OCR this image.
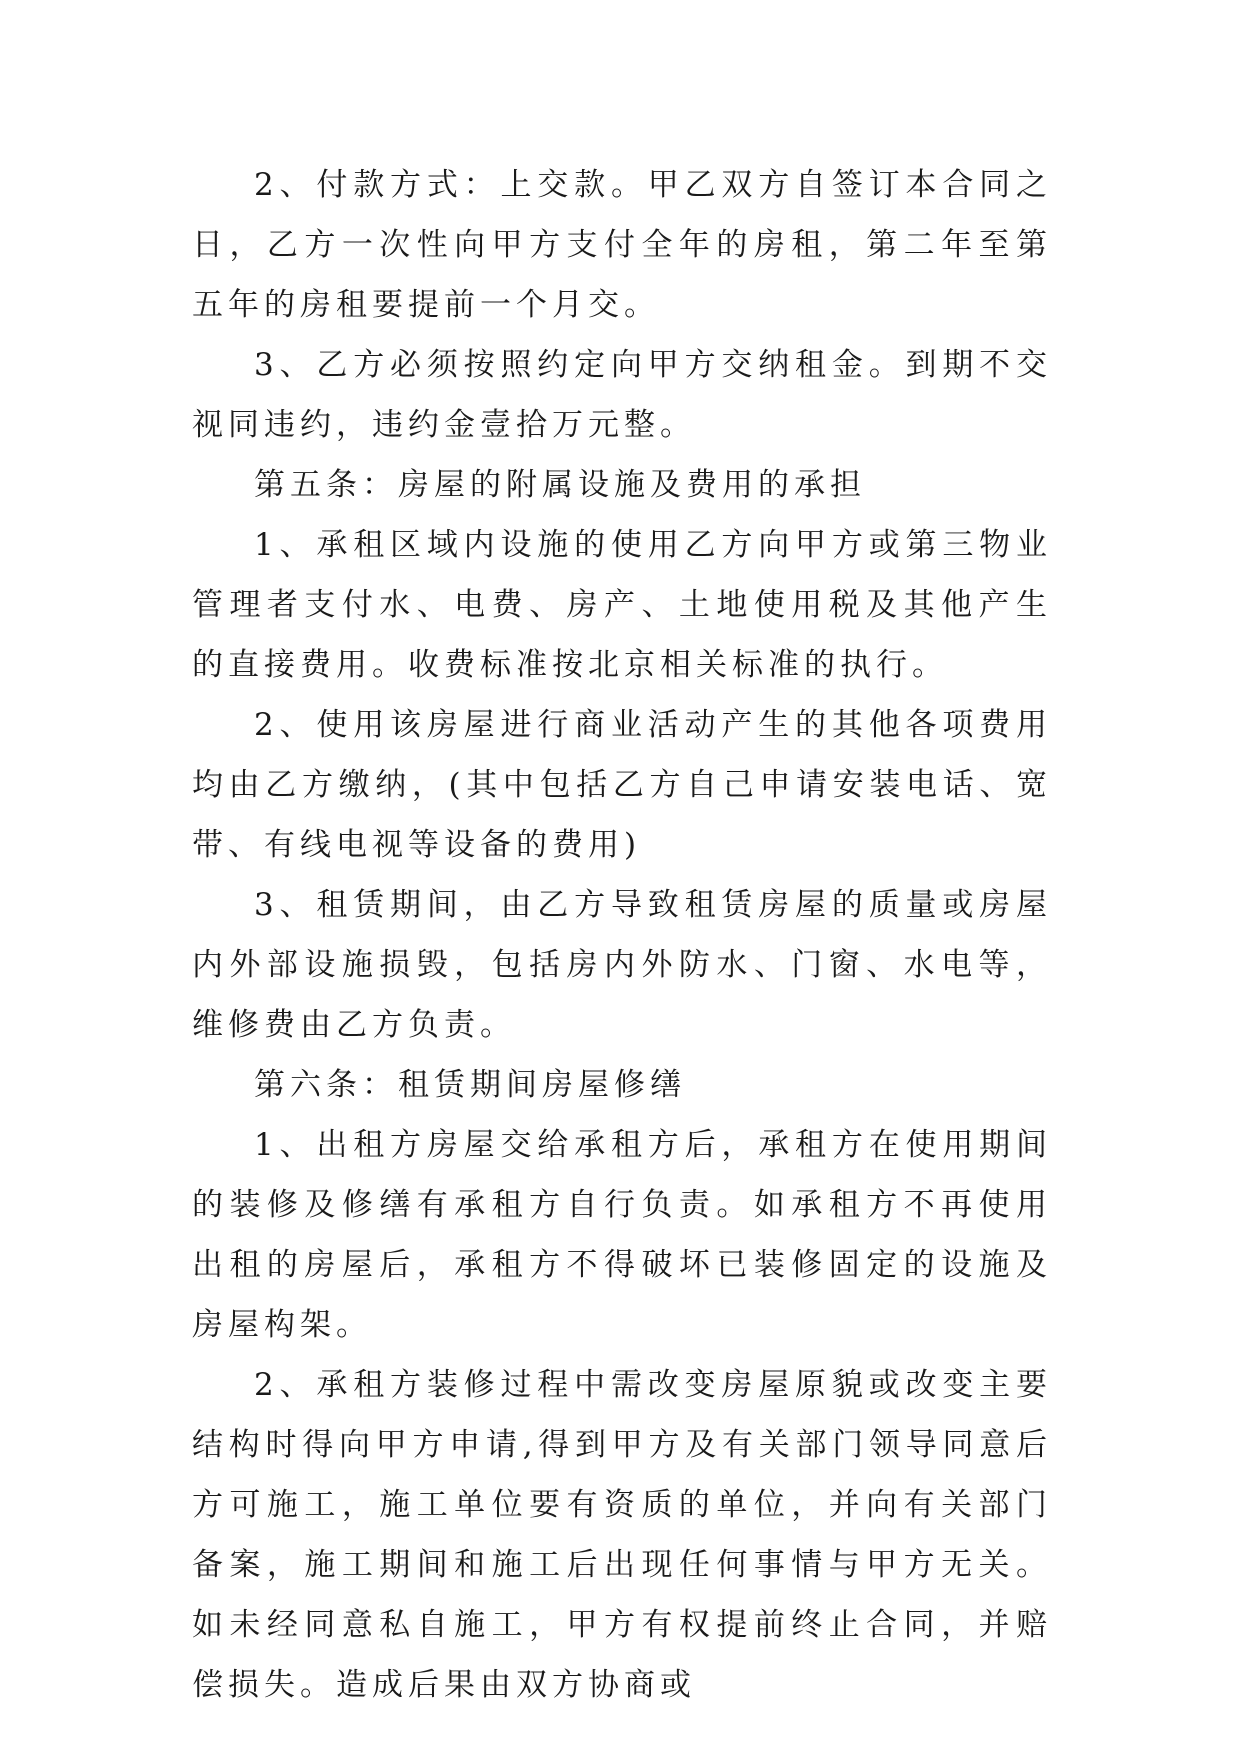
2、付款方式：上交款。甲乙双方自签订本合同之日，乙方一次性向甲方支付全年的房租，第二年至第五年的房租要提前一个月交。

3、乙方必须按照约定向甲方交纳租金。到期不交视同违约，违约金壹拾万元整。

第五条：房屋的附属设施及费用的承担

1、承租区域内设施的使用乙方向甲方或第三物业管理者支付水、电费、房产、土地使用税及其他产生的直接费用。收费标准按北京相关标准的执行。

2、使用该房屋进行商业活动产生的其他各项费用均由乙方缴纳，(其中包括乙方自己申请安装电话、宽带、有线电视等设备的费用)

3、租赁期间，由乙方导致租赁房屋的质量或房屋内外部设施损毁，包括房内外防水、门窗、水电等，维修费由乙方负责。

第六条：租赁期间房屋修缮

1、出租方房屋交给承租方后，承租方在使用期间的装修及修缮有承租方自行负责。如承租方不再使用出租的房屋后，承租方不得破坏已装修固定的设施及房屋构架。

2、承租方装修过程中需改变房屋原貌或改变主要结构时得向甲方申请,得到甲方及有关部门领导同意后方可施工，施工单位要有资质的单位，并向有关部门备案，施工期间和施工后出现任何事情与甲方无关。如未经同意私自施工，甲方有权提前终止合同，并赔偿损失。造成后果由双方协商或
